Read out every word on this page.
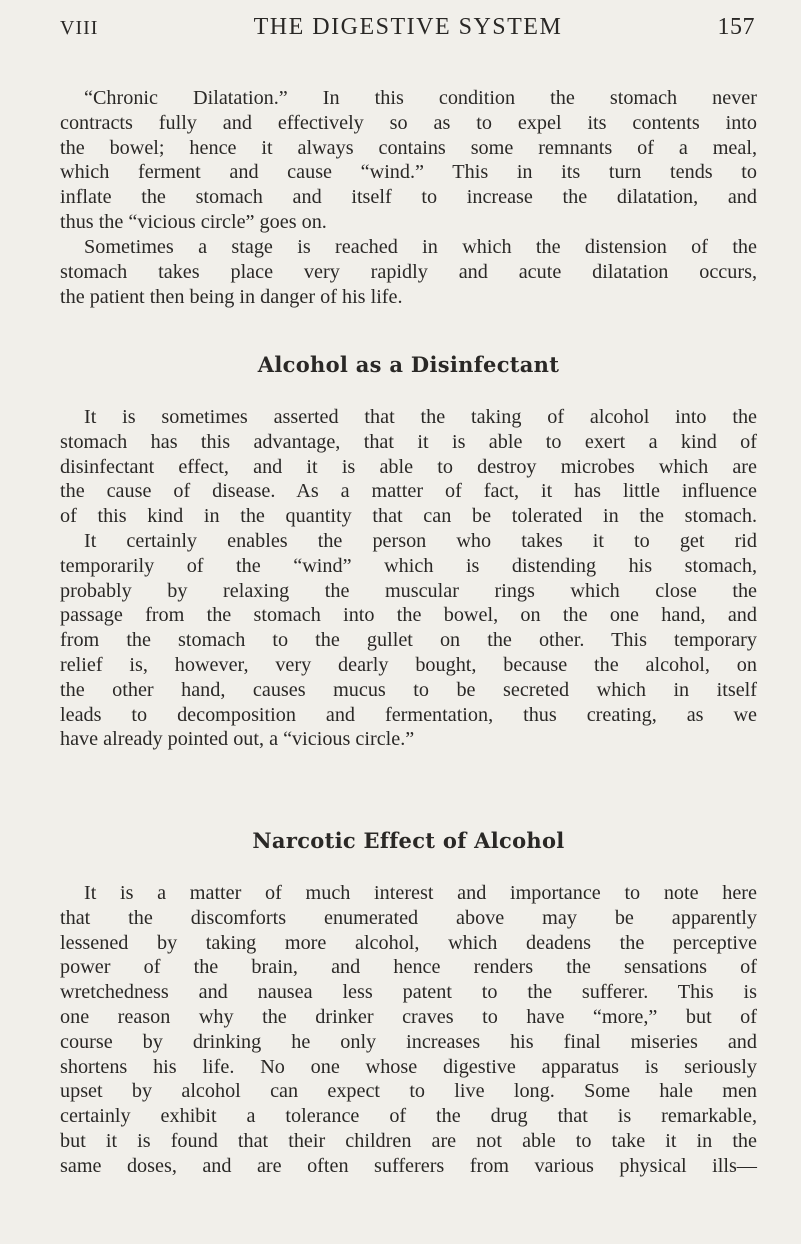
VIII	THE DIGESTIVE SYSTEM	157

“Chronic Dilatation.” In this condition the stomach never
contracts fully and effectively so as to expel its contents into
the bowel; hence it always contains some remnants of a meal,
which ferment and cause “wind.” This in its turn tends to
inflate the stomach and itself to increase the dilatation, and
thus the “vicious circle” goes on.

Sometimes a stage is reached in which the distension of the
stomach takes place very rapidly and acute dilatation occurs,
the patient then being in danger of his life.

Alcohol as a Disinfectant

It is sometimes asserted that the taking of alcohol into the
stomach has this advantage, that it is able to exert a kind of
disinfectant effect, and it is able to destroy microbes which are
the cause of disease. As a matter of fact, it has little influence
of this kind in the quantity that can be tolerated in the stomach.
It certainly enables the person who takes it to get rid
temporarily of the “wind” which is distending his stomach,
probably by relaxing the muscular rings which close the
passage from the stomach into the bowel, on the one hand, and
from the stomach to the gullet on the other. This temporary
relief is, however, very dearly bought, because the alcohol, on
the other hand, causes mucus to be secreted which in itself
leads to decomposition and fermentation, thus creating, as we
have already pointed out, a “vicious circle.”

Narcotic Effect of Alcohol

It is a matter of much interest and importance to note here
that the discomforts enumerated above may be apparently
lessened by taking more alcohol, which deadens the perceptive
power of the brain, and hence renders the sensations of
wretchedness and nausea less patent to the sufferer. This is
one reason why the drinker craves to have “more,” but of
course by drinking he only increases his final miseries and
shortens his life. No one whose digestive apparatus is seriously
upset by alcohol can expect to live long. Some hale men
certainly exhibit a tolerance of the drug that is remarkable,
but it is found that their children are not able to take it in the
same doses, and are often sufferers from various physical ills—
